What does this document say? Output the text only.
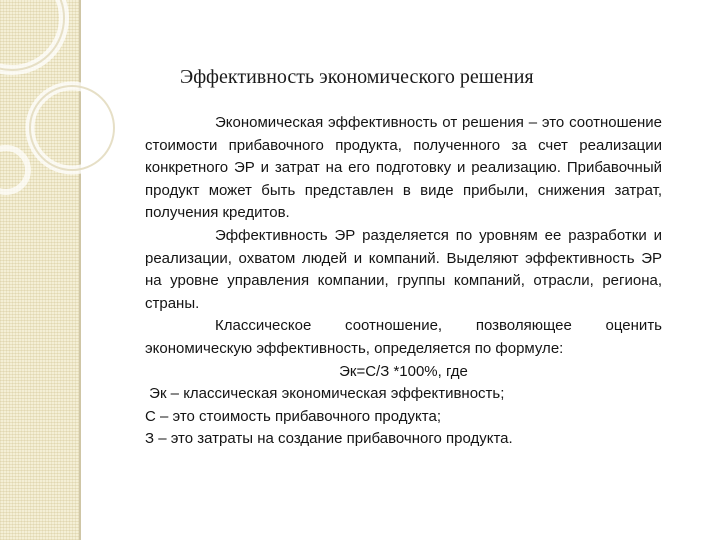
Эффективность экономического решения

Экономическая эффективность от решения – это соотношение стоимости прибавочного продукта, полученного за счет реализации конкретного ЭР и затрат на его подготовку и реализацию. Прибавочный продукт может быть представлен в виде прибыли, снижения затрат, получения кредитов.

Эффективность ЭР разделяется по уровням ее разработки и реализации, охватом людей и компаний. Выделяют эффективность ЭР на уровне управления компании, группы компаний, отрасли, региона, страны.

Классическое соотношение, позволяющее оценить экономическую эффективность, определяется по формуле:

Эк=С/З *100%, где

Эк – классическая экономическая эффективность;

С – это стоимость прибавочного продукта;

З – это затраты на создание прибавочного продукта.
